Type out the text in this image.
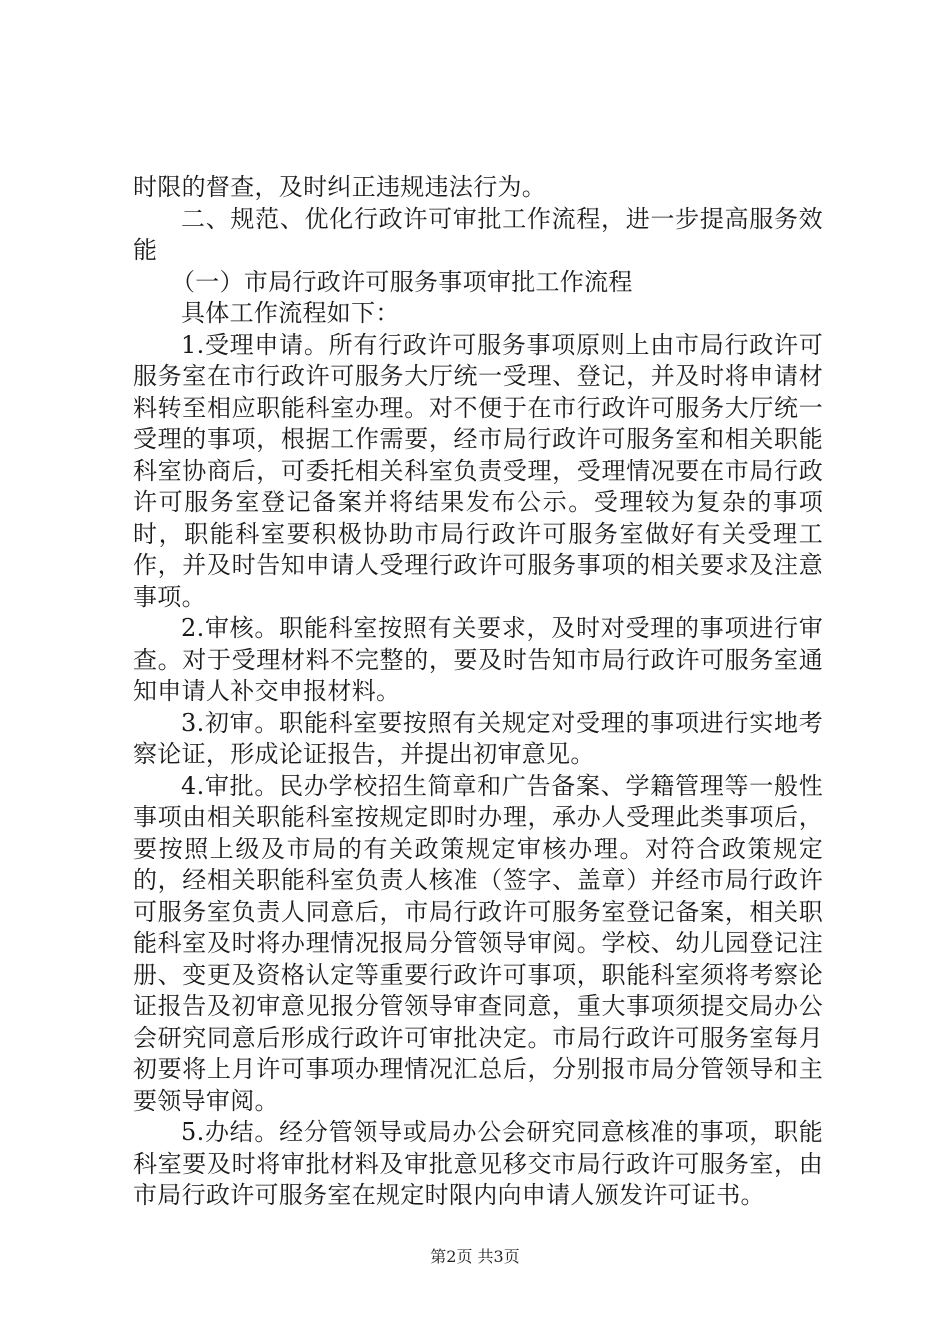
时限的督查，及时纠正违规违法行为。

二、规范、优化行政许可审批工作流程，进一步提高服务效能

（一）市局行政许可服务事项审批工作流程

具体工作流程如下：

1.受理申请。所有行政许可服务事项原则上由市局行政许可服务室在市行政许可服务大厅统一受理、登记，并及时将申请材料转至相应职能科室办理。对不便于在市行政许可服务大厅统一受理的事项，根据工作需要，经市局行政许可服务室和相关职能科室协商后，可委托相关科室负责受理，受理情况要在市局行政许可服务室登记备案并将结果发布公示。受理较为复杂的事项时，职能科室要积极协助市局行政许可服务室做好有关受理工作，并及时告知申请人受理行政许可服务事项的相关要求及注意事项。

2.审核。职能科室按照有关要求，及时对受理的事项进行审查。对于受理材料不完整的，要及时告知市局行政许可服务室通知申请人补交申报材料。

3.初审。职能科室要按照有关规定对受理的事项进行实地考察论证，形成论证报告，并提出初审意见。

4.审批。民办学校招生简章和广告备案、学籍管理等一般性事项由相关职能科室按规定即时办理，承办人受理此类事项后，要按照上级及市局的有关政策规定审核办理。对符合政策规定的，经相关职能科室负责人核准（签字、盖章）并经市局行政许可服务室负责人同意后，市局行政许可服务室登记备案，相关职能科室及时将办理情况报局分管领导审阅。学校、幼儿园登记注册、变更及资格认定等重要行政许可事项，职能科室须将考察论证报告及初审意见报分管领导审查同意，重大事项须提交局办公会研究同意后形成行政许可审批决定。市局行政许可服务室每月初要将上月许可事项办理情况汇总后，分别报市局分管领导和主要领导审阅。

5.办结。经分管领导或局办公会研究同意核准的事项，职能科室要及时将审批材料及审批意见移交市局行政许可服务室，由市局行政许可服务室在规定时限内向申请人颁发许可证书。

第2页 共3页
